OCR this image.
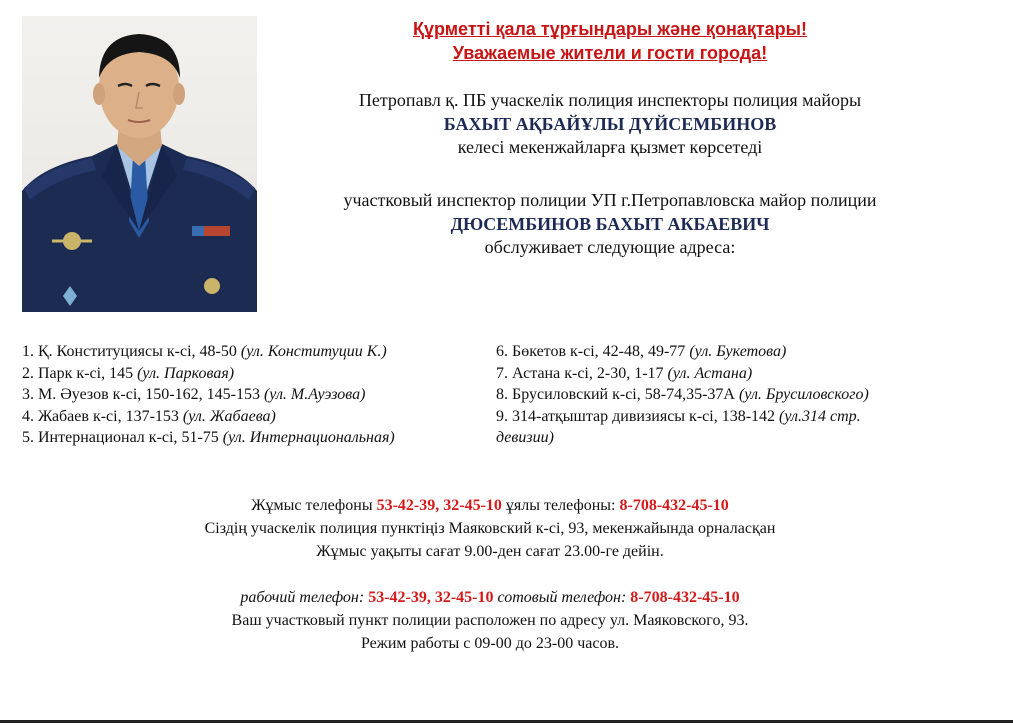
Құрметті қала тұрғындары және қонақтары!
Уважаемые жители и гости города!
Петропавл қ. ПБ учаскелік полиция инспекторы полиция майоры
БАХЫТ АҚБАЙҰЛЫ ДҮЙСЕМБИНОВ
келесі мекенжайларға қызмет көрсетеді
участковый инспектор полиции УП г.Петропавловска майор полиции
ДЮСЕМБИНОВ БАХЫТ АКБАЕВИЧ
обслуживает следующие адреса:
1. Қ. Конституциясы к-сі, 48-50 (ул. Конституции К.)
2. Парк к-сі, 145 (ул. Парковая)
3. М. Әуезов к-сі, 150-162, 145-153 (ул. М.Ауэзова)
4. Жабаев к-сі, 137-153 (ул. Жабаева)
5. Интернационал к-сі, 51-75 (ул. Интернациональная)
6. Бөкетов к-сі, 42-48, 49-77 (ул. Букетова)
7. Астана к-сі, 2-30, 1-17 (ул. Астана)
8. Брусиловский к-сі, 58-74,35-37А (ул. Брусиловского)
9. 314-атқыштар дивизиясы к-сі, 138-142 (ул.314 стр.
девизии)
Жұмыс телефоны 53-42-39, 32-45-10 ұялы телефоны: 8-708-432-45-10
Сіздің учаскелік полиция пунктіңіз Маяковский к-сі, 93, мекенжайында орналасқан
Жұмыс уақыты сағат 9.00-ден сағат 23.00-ге дейін.
рабочий телефон: 53-42-39, 32-45-10 сотовый телефон: 8-708-432-45-10
Ваш участковый пункт полиции расположен по адресу ул. Маяковского, 93.
Режим работы с 09-00 до 23-00 часов.
